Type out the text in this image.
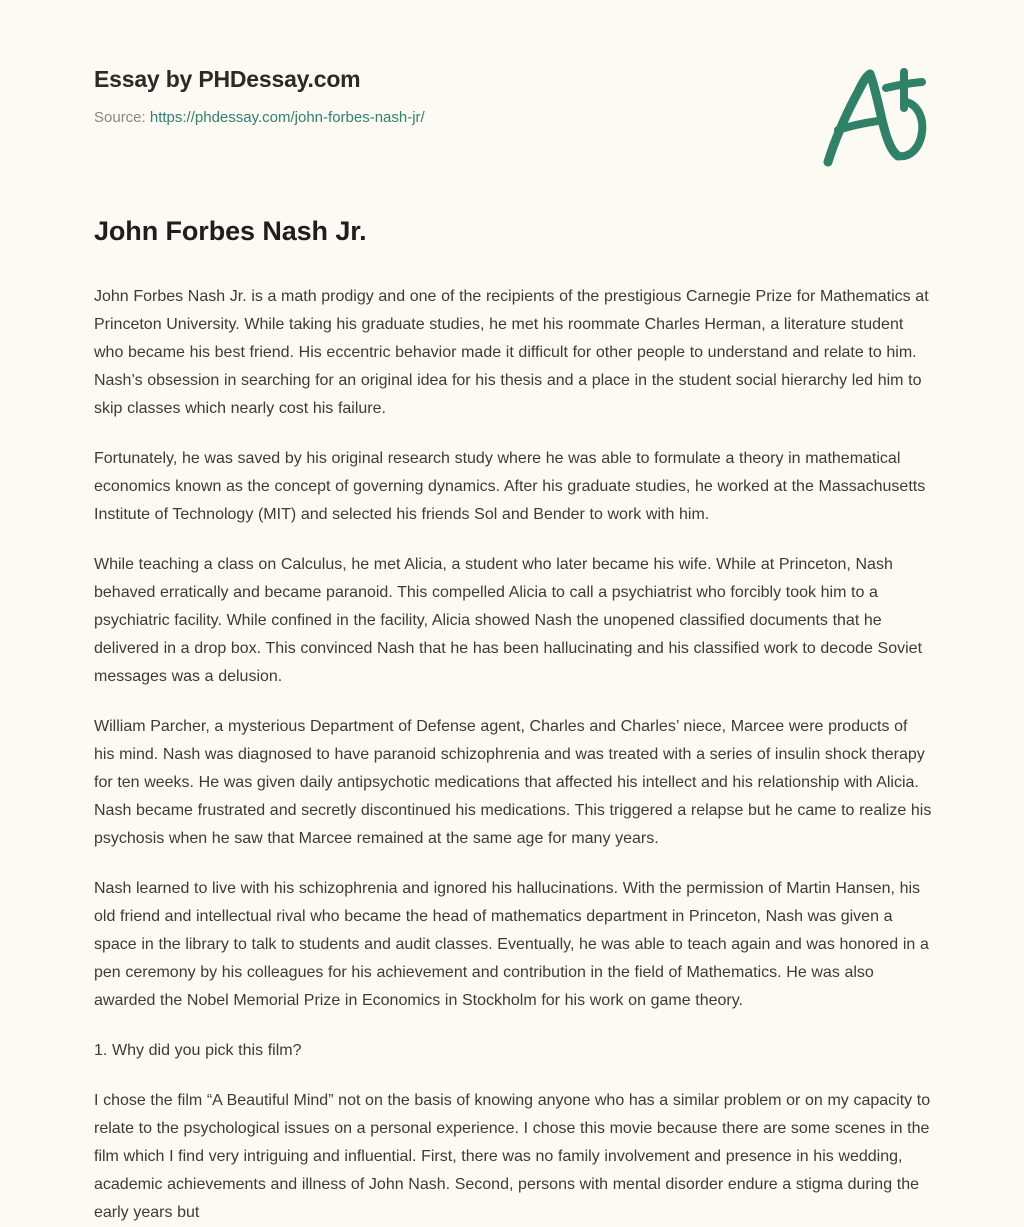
Essay by PHDessay.com
Source: https://phdessay.com/john-forbes-nash-jr/
John Forbes Nash Jr.

John Forbes Nash Jr. is a math prodigy and one of the recipients of the prestigious Carnegie Prize for Mathematics at Princeton University. While taking his graduate studies, he met his roommate Charles Herman, a literature student who became his best friend. His eccentric behavior made it difficult for other people to understand and relate to him. Nash’s obsession in searching for an original idea for his thesis and a place in the student social hierarchy led him to skip classes which nearly cost his failure.

Fortunately, he was saved by his original research study where he was able to formulate a theory in mathematical economics known as the concept of governing dynamics. After his graduate studies, he worked at the Massachusetts Institute of Technology (MIT) and selected his friends Sol and Bender to work with him.

While teaching a class on Calculus, he met Alicia, a student who later became his wife. While at Princeton, Nash behaved erratically and became paranoid. This compelled Alicia to call a psychiatrist who forcibly took him to a psychiatric facility. While confined in the facility, Alicia showed Nash the unopened classified documents that he delivered in a drop box. This convinced Nash that he has been hallucinating and his classified work to decode Soviet messages was a delusion.

William Parcher, a mysterious Department of Defense agent, Charles and Charles’ niece, Marcee were products of his mind. Nash was diagnosed to have paranoid schizophrenia and was treated with a series of insulin shock therapy for ten weeks. He was given daily antipsychotic medications that affected his intellect and his relationship with Alicia. Nash became frustrated and secretly discontinued his medications. This triggered a relapse but he came to realize his psychosis when he saw that Marcee remained at the same age for many years.

Nash learned to live with his schizophrenia and ignored his hallucinations. With the permission of Martin Hansen, his old friend and intellectual rival who became the head of mathematics department in Princeton, Nash was given a space in the library to talk to students and audit classes. Eventually, he was able to teach again and was honored in a pen ceremony by his colleagues for his achievement and contribution in the field of Mathematics. He was also awarded the Nobel Memorial Prize in Economics in Stockholm for his work on game theory.

1. Why did you pick this film?

I chose the film “A Beautiful Mind” not on the basis of knowing anyone who has a similar problem or on my capacity to relate to the psychological issues on a personal experience. I chose this movie because there are some scenes in the film which I find very intriguing and influential. First, there was no family involvement and presence in his wedding, academic achievements and illness of John Nash. Second, persons with mental disorder endure a stigma during the early years but
